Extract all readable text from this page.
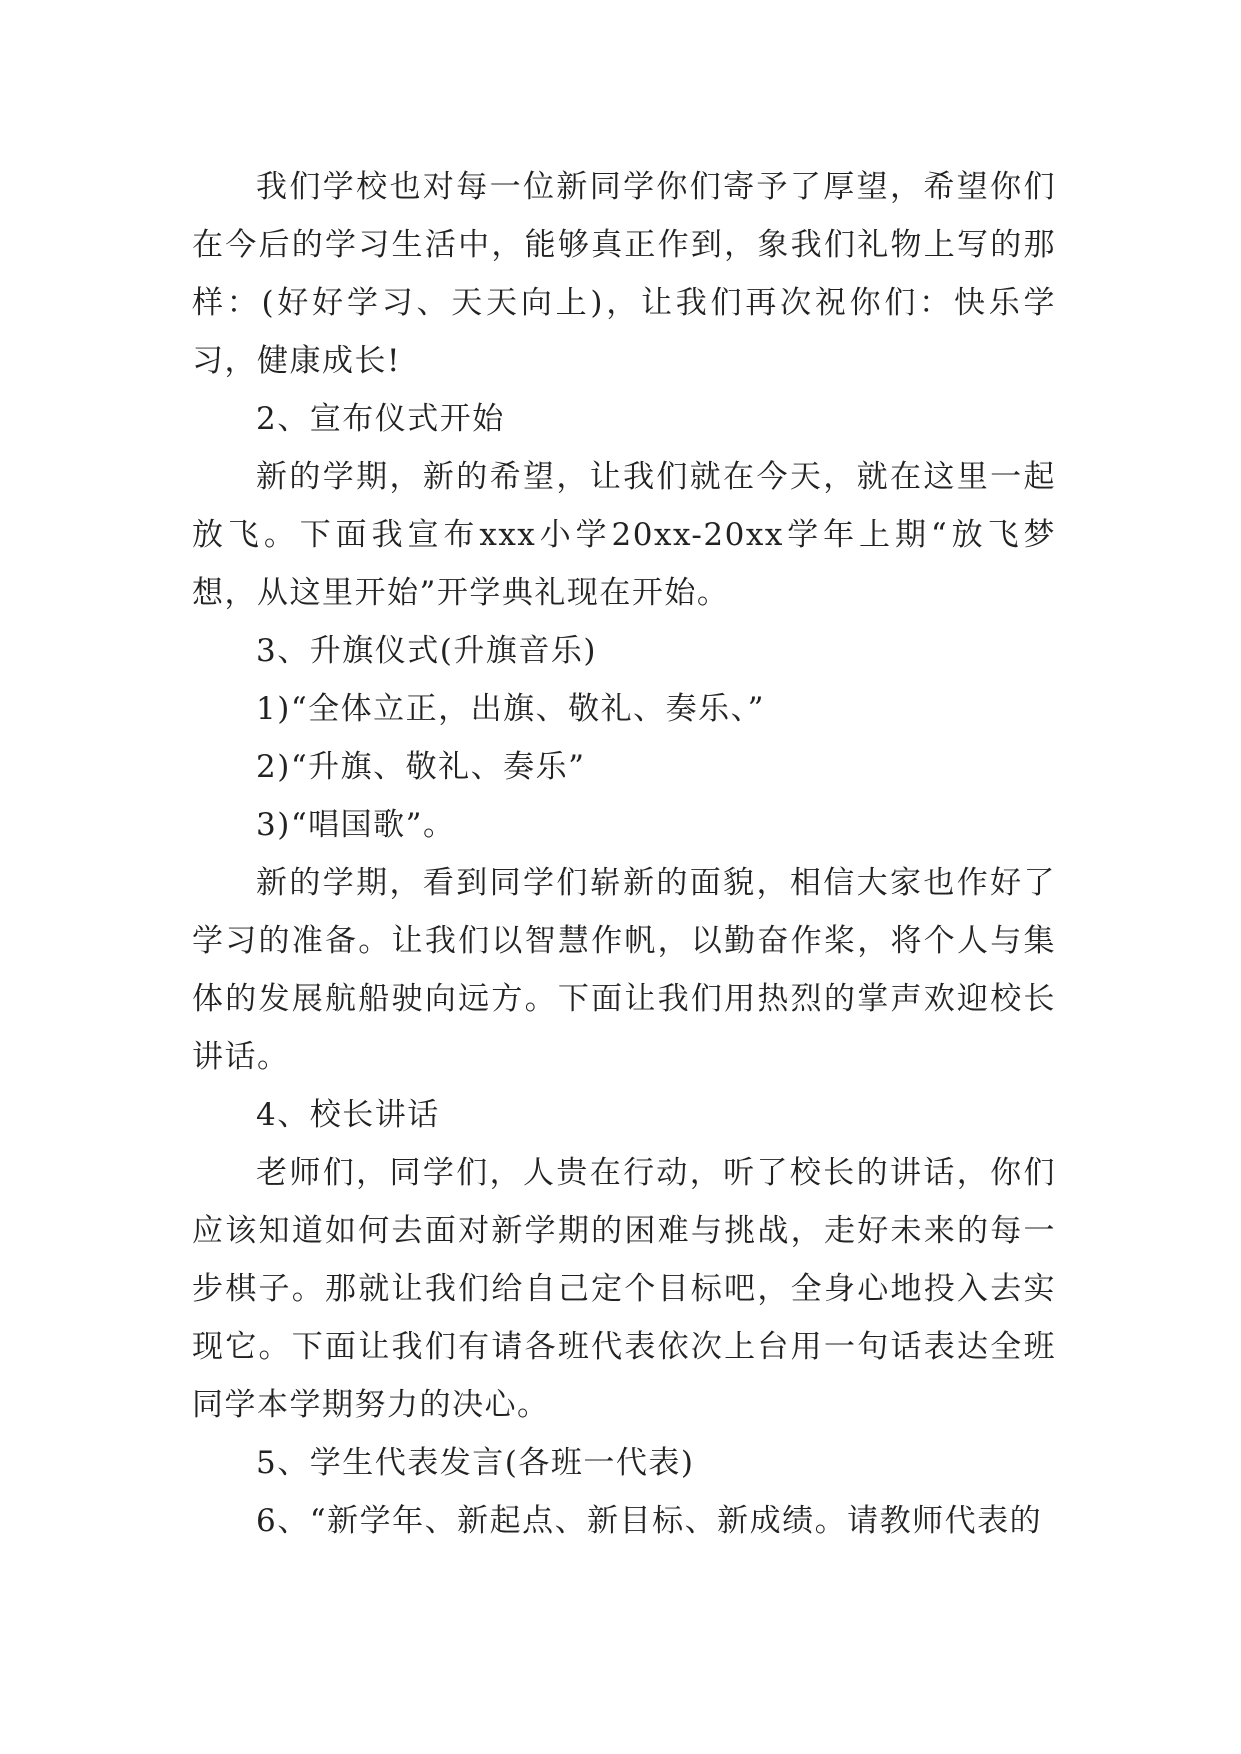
我们学校也对每一位新同学你们寄予了厚望，希望你们在今后的学习生活中，能够真正作到，象我们礼物上写的那样：(好好学习、天天向上)，让我们再次祝你们：快乐学习，健康成长!

2、宣布仪式开始

新的学期，新的希望，让我们就在今天，就在这里一起放飞。下面我宣布xxx小学20xx-20xx学年上期“放飞梦想，从这里开始”开学典礼现在开始。

3、升旗仪式(升旗音乐)

1)“全体立正，出旗、敬礼、奏乐、”

2)“升旗、敬礼、奏乐”

3)“唱国歌”。

新的学期，看到同学们崭新的面貌，相信大家也作好了学习的准备。让我们以智慧作帆，以勤奋作桨，将个人与集体的发展航船驶向远方。下面让我们用热烈的掌声欢迎校长讲话。

4、校长讲话

老师们，同学们，人贵在行动，听了校长的讲话，你们应该知道如何去面对新学期的困难与挑战，走好未来的每一步棋子。那就让我们给自己定个目标吧，全身心地投入去实现它。下面让我们有请各班代表依次上台用一句话表达全班同学本学期努力的决心。

5、学生代表发言(各班一代表)

6、“新学年、新起点、新目标、新成绩。请教师代表的
